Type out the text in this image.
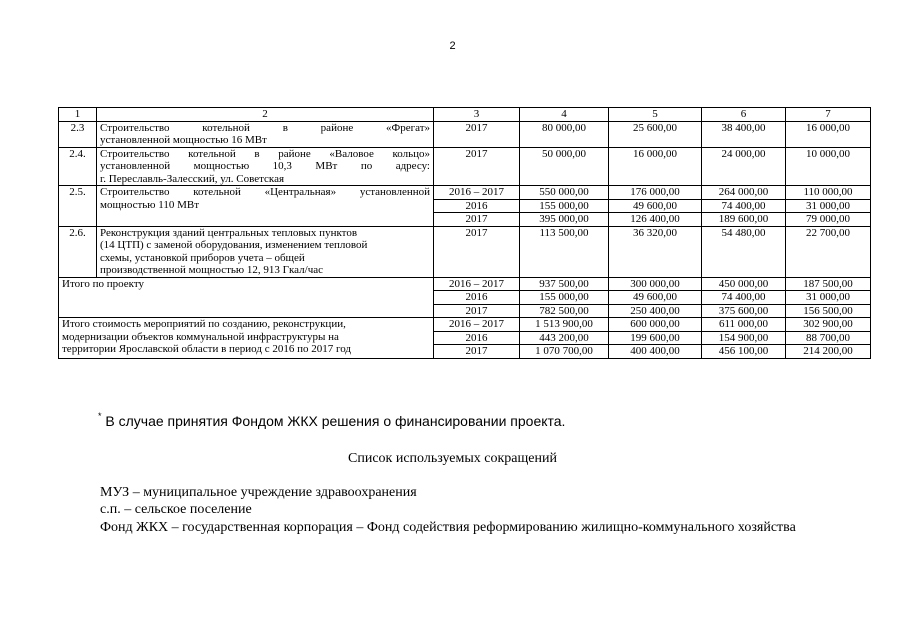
2
1	2	3	4	5	6	7
2.3	Строительство котельной в районе «Фрегат»
установленной мощностью 16 МВт	2017	80 000,00	25 600,00	38 400,00	16 000,00
2.4.	Строительство котельной в районе «Валовое кольцо»
установленной мощностью 10,3 МВт по адресу:
г. Переславль-Залесский, ул. Советская	2017	50 000,00	16 000,00	24 000,00	10 000,00
2.5.	Строительство котельной «Центральная» установленной
мощностью 110 МВт	2016 – 2017	550 000,00	176 000,00	264 000,00	110 000,00
		2016	155 000,00	49 600,00	74 400,00	31 000,00
		2017	395 000,00	126 400,00	189 600,00	79 000,00
2.6.	Реконструкция зданий центральных тепловых пунктов
(14 ЦТП) с заменой оборудования, изменением тепловой
схемы, установкой приборов учета – общей
производственной мощностью 12, 913 Гкал/час	2017	113 500,00	36 320,00	54 480,00	22 700,00
Итого по проекту		2016 – 2017	937 500,00	300 000,00	450 000,00	187 500,00
		2016	155 000,00	49 600,00	74 400,00	31 000,00
		2017	782 500,00	250 400,00	375 600,00	156 500,00

Итого стоимость мероприятий по созданию, реконструкции,
модернизации объектов коммунальной инфраструктуры на
территории Ярославской области в период с 2016 по 2017 год		2016 – 2017	1 513 900,00	600 000,00	611 000,00	302 900,00
		2016	443 200,00	199 600,00	154 900,00	88 700,00
		2017	1 070 700,00	400 400,00	456 100,00	214 200,00
* В случае принятия Фондом ЖКХ решения о финансировании проекта.
Список используемых сокращений
МУЗ – муниципальное учреждение здравоохранения
с.п. – сельское поселение
Фонд ЖКХ – государственная корпорация – Фонд содействия реформированию жилищно-коммунального хозяйства
